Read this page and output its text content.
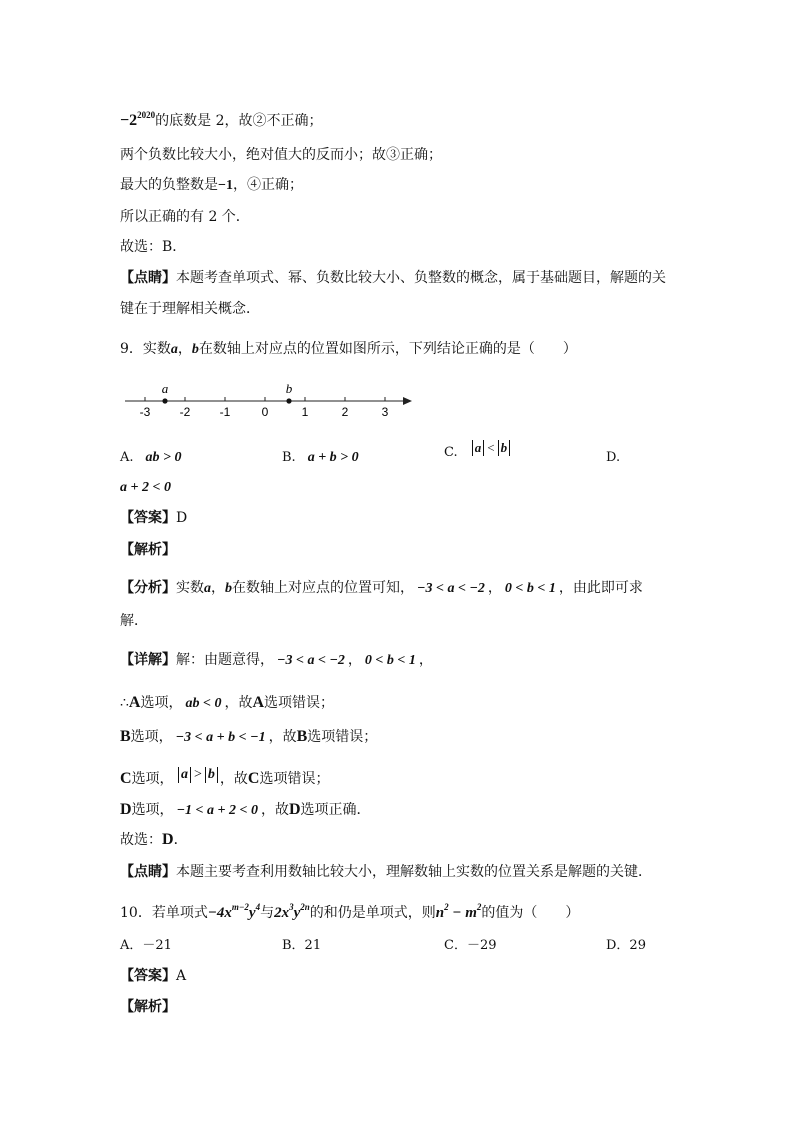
$-2^{2020}$的底数是 2，故②不正确；
两个负数比较大小，绝对值大的反而小；故③正确；
最大的负整数是−1，④正确；
所以正确的有 2 个．
故选：B．
【点睛】本题考查单项式、幂、负数比较大小、负整数的概念，属于基础题目，解题的关
键在于理解相关概念．
9．实数a，b在数轴上对应点的位置如图所示，下列结论正确的是（　　）
-3 -2 -1	0	1	2	3
a	b
A. ab > 0	B. a + b > 0	C. a < b
D.
a + 2 < 0
【答案】D
【解析】
【分析】实数a，b在数轴上对应点的位置可知， −3 < a < −2 ， 0 < b < 1 ，由此即可求
解．
【详解】解：由题意得， −3 < a < −2 ， 0 < b < 1 ，
∴A选项， ab < 0 ，故A选项错误；
B选项， −3 < a + b < −1 ，故B选项错误；
C选项， a > b ，故C选项错误；
D选项， −1 < a + 2 < 0 ，故D选项正确．
故选：D．
【点睛】本题主要考查利用数轴比较大小，理解数轴上实数的位置关系是解题的关键．
10．若单项式$-4x^{m-2}y^4$与$2x^3y^{2n}$的和仍是单项式，则$n^2 - m^2$的值为（　　）
A．－21	B．21	C．－29	D．29
【答案】A
【解析】
